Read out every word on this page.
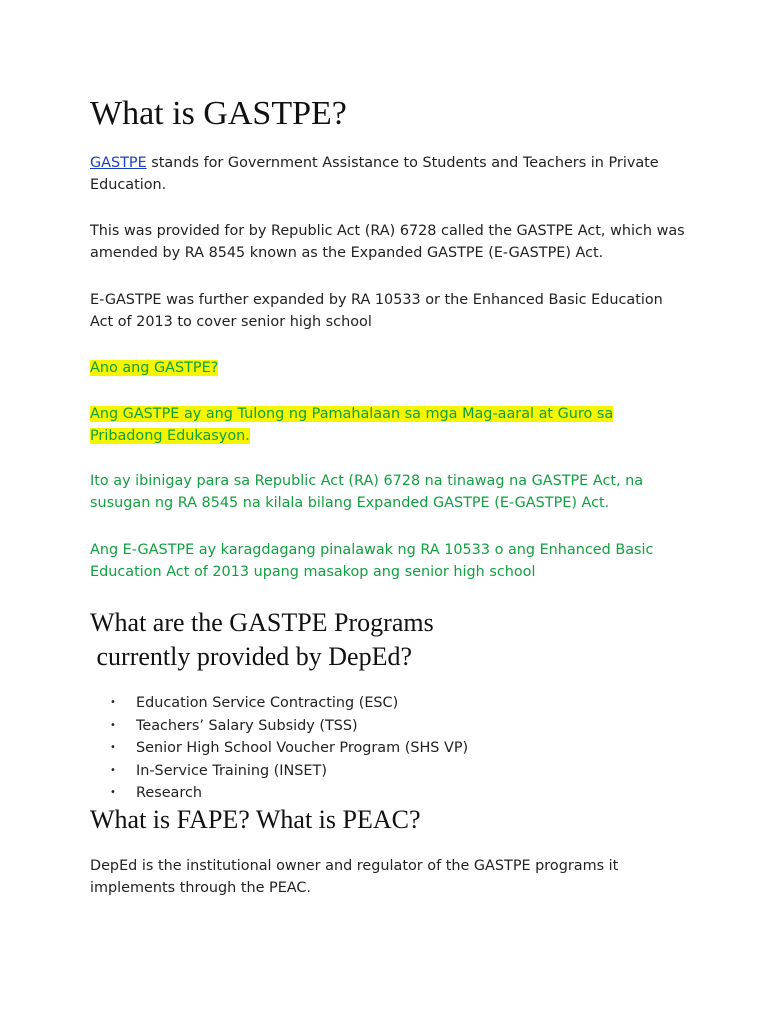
What is GASTPE?

GASTPE stands for Government Assistance to Students and Teachers in Private Education.

This was provided for by Republic Act (RA) 6728 called the GASTPE Act, which was amended by RA 8545 known as the Expanded GASTPE (E-GASTPE) Act.

E-GASTPE was further expanded by RA 10533 or the Enhanced Basic Education Act of 2013 to cover senior high school

Ano ang GASTPE?

Ang GASTPE ay ang Tulong ng Pamahalaan sa mga Mag-aaral at Guro sa Pribadong Edukasyon.

Ito ay ibinigay para sa Republic Act (RA) 6728 na tinawag na GASTPE Act, na susugan ng RA 8545 na kilala bilang Expanded GASTPE (E-GASTPE) Act.

Ang E-GASTPE ay karagdagang pinalawak ng RA 10533 o ang Enhanced Basic Education Act of 2013 upang masakop ang senior high school

What are the GASTPE Programs
currently provided by DepEd?
• Education Service Contracting (ESC)
• Teachers’ Salary Subsidy (TSS)
• Senior High School Voucher Program (SHS VP)
• In-Service Training (INSET)
• Research
What is FAPE? What is PEAC?

DepEd is the institutional owner and regulator of the GASTPE programs it implements through the PEAC.
